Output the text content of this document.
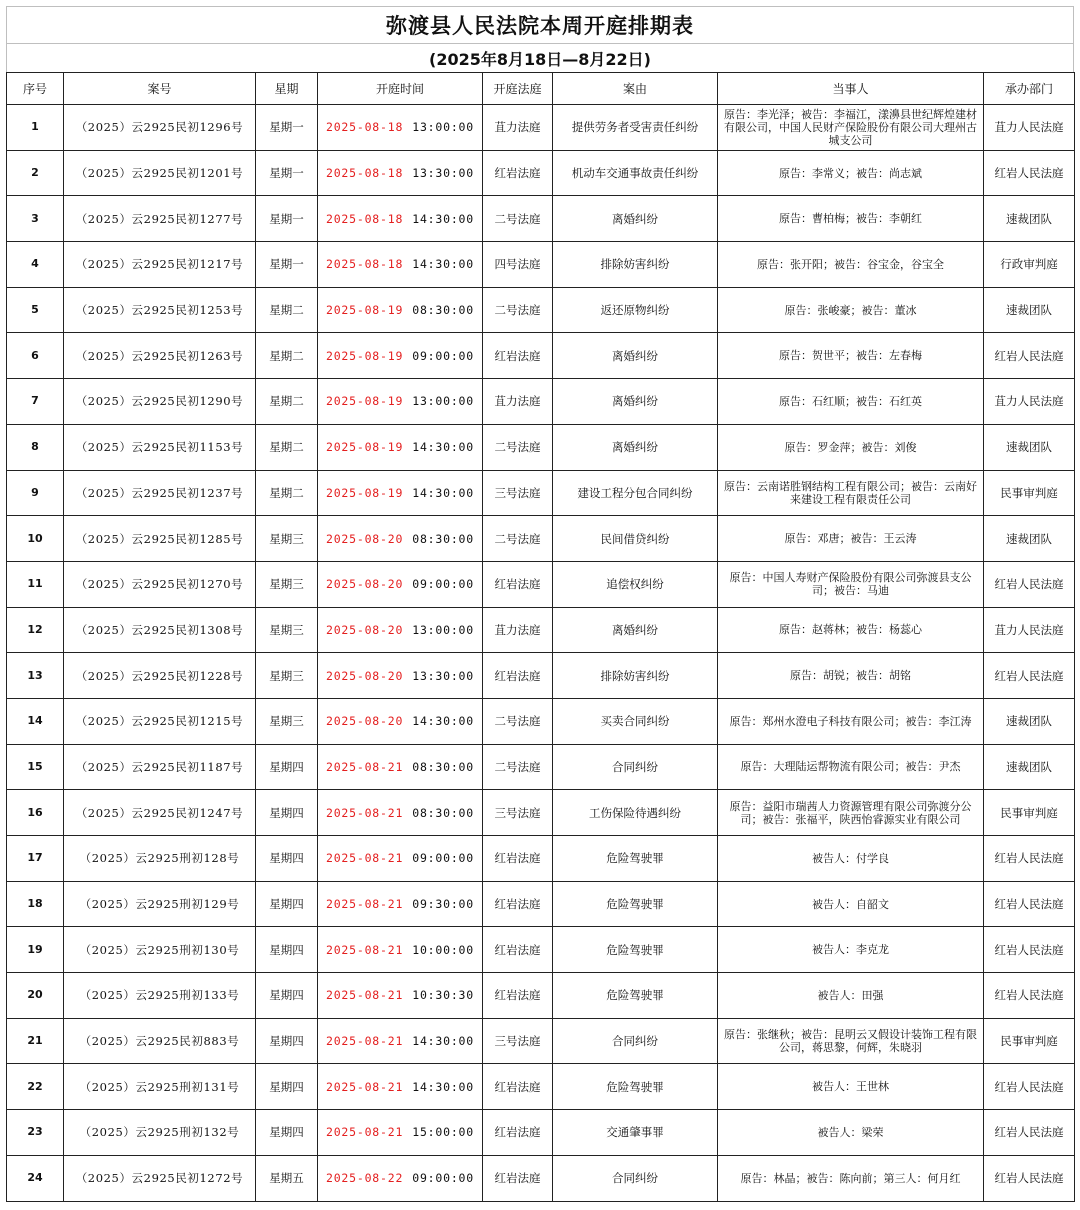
弥渡县人民法院本周开庭排期表
(2025年8月18日—8月22日)
序号	案号	星期	开庭时间	开庭法庭	案由	当事人	承办部门
1	（2025）云2925民初1296号	星期一	2025-08-18 13:00:00	苴力法庭	提供劳务者受害责任纠纷	原告：李光泽；被告：李福江，漾濞县世纪辉煌建材有限公司，中国人民财产保险股份有限公司大理州古城支公司	苴力人民法庭
2	（2025）云2925民初1201号	星期一	2025-08-18 13:30:00	红岩法庭	机动车交通事故责任纠纷	原告：李常义；被告：尚志斌	红岩人民法庭
3	（2025）云2925民初1277号	星期一	2025-08-18 14:30:00	二号法庭	离婚纠纷	原告：曹柏梅；被告：李朝红	速裁团队
4	（2025）云2925民初1217号	星期一	2025-08-18 14:30:00	四号法庭	排除妨害纠纷	原告：张开阳；被告：谷宝金，谷宝全	行政审判庭
5	（2025）云2925民初1253号	星期二	2025-08-19 08:30:00	二号法庭	返还原物纠纷	原告：张峻豪；被告：董冰	速裁团队
6	（2025）云2925民初1263号	星期二	2025-08-19 09:00:00	红岩法庭	离婚纠纷	原告：贺世平；被告：左春梅	红岩人民法庭
7	（2025）云2925民初1290号	星期二	2025-08-19 13:00:00	苴力法庭	离婚纠纷	原告：石红顺；被告：石红英	苴力人民法庭
8	（2025）云2925民初1153号	星期二	2025-08-19 14:30:00	二号法庭	离婚纠纷	原告：罗金萍；被告：刘俊	速裁团队
9	（2025）云2925民初1237号	星期二	2025-08-19 14:30:00	三号法庭	建设工程分包合同纠纷	原告：云南诺胜钢结构工程有限公司；被告：云南好来建设工程有限责任公司	民事审判庭
10	（2025）云2925民初1285号	星期三	2025-08-20 08:30:00	二号法庭	民间借贷纠纷	原告：邓唐；被告：王云涛	速裁团队
11	（2025）云2925民初1270号	星期三	2025-08-20 09:00:00	红岩法庭	追偿权纠纷	原告：中国人寿财产保险股份有限公司弥渡县支公司；被告：马迪	红岩人民法庭
12	（2025）云2925民初1308号	星期三	2025-08-20 13:00:00	苴力法庭	离婚纠纷	原告：赵蒋林；被告：杨蕊心	苴力人民法庭
13	（2025）云2925民初1228号	星期三	2025-08-20 13:30:00	红岩法庭	排除妨害纠纷	原告：胡锐；被告：胡铭	红岩人民法庭
14	（2025）云2925民初1215号	星期三	2025-08-20 14:30:00	二号法庭	买卖合同纠纷	原告：郑州水澄电子科技有限公司；被告：李江涛	速裁团队
15	（2025）云2925民初1187号	星期四	2025-08-21 08:30:00	二号法庭	合同纠纷	原告：大理陆运帮物流有限公司；被告：尹杰	速裁团队
16	（2025）云2925民初1247号	星期四	2025-08-21 08:30:00	三号法庭	工伤保险待遇纠纷	原告：益阳市瑞茜人力资源管理有限公司弥渡分公司；被告：张福平，陕西怡睿源实业有限公司	民事审判庭
17	（2025）云2925刑初128号	星期四	2025-08-21 09:00:00	红岩法庭	危险驾驶罪	被告人：付学良	红岩人民法庭
18	（2025）云2925刑初129号	星期四	2025-08-21 09:30:00	红岩法庭	危险驾驶罪	被告人：自韶文	红岩人民法庭
19	（2025）云2925刑初130号	星期四	2025-08-21 10:00:00	红岩法庭	危险驾驶罪	被告人：李克龙	红岩人民法庭
20	（2025）云2925刑初133号	星期四	2025-08-21 10:30:30	红岩法庭	危险驾驶罪	被告人：田强	红岩人民法庭
21	（2025）云2925民初883号	星期四	2025-08-21 14:30:00	三号法庭	合同纠纷	原告：张继秋；被告：昆明云又假设计装饰工程有限公司，蒋思黎，何辉，朱晓羽	民事审判庭
22	（2025）云2925刑初131号	星期四	2025-08-21 14:30:00	红岩法庭	危险驾驶罪	被告人：王世林	红岩人民法庭
23	（2025）云2925刑初132号	星期四	2025-08-21 15:00:00	红岩法庭	交通肇事罪	被告人：梁荣	红岩人民法庭
24	（2025）云2925民初1272号	星期五	2025-08-22 09:00:00	红岩法庭	合同纠纷	原告：林晶；被告：陈向前；第三人：何月红	红岩人民法庭
